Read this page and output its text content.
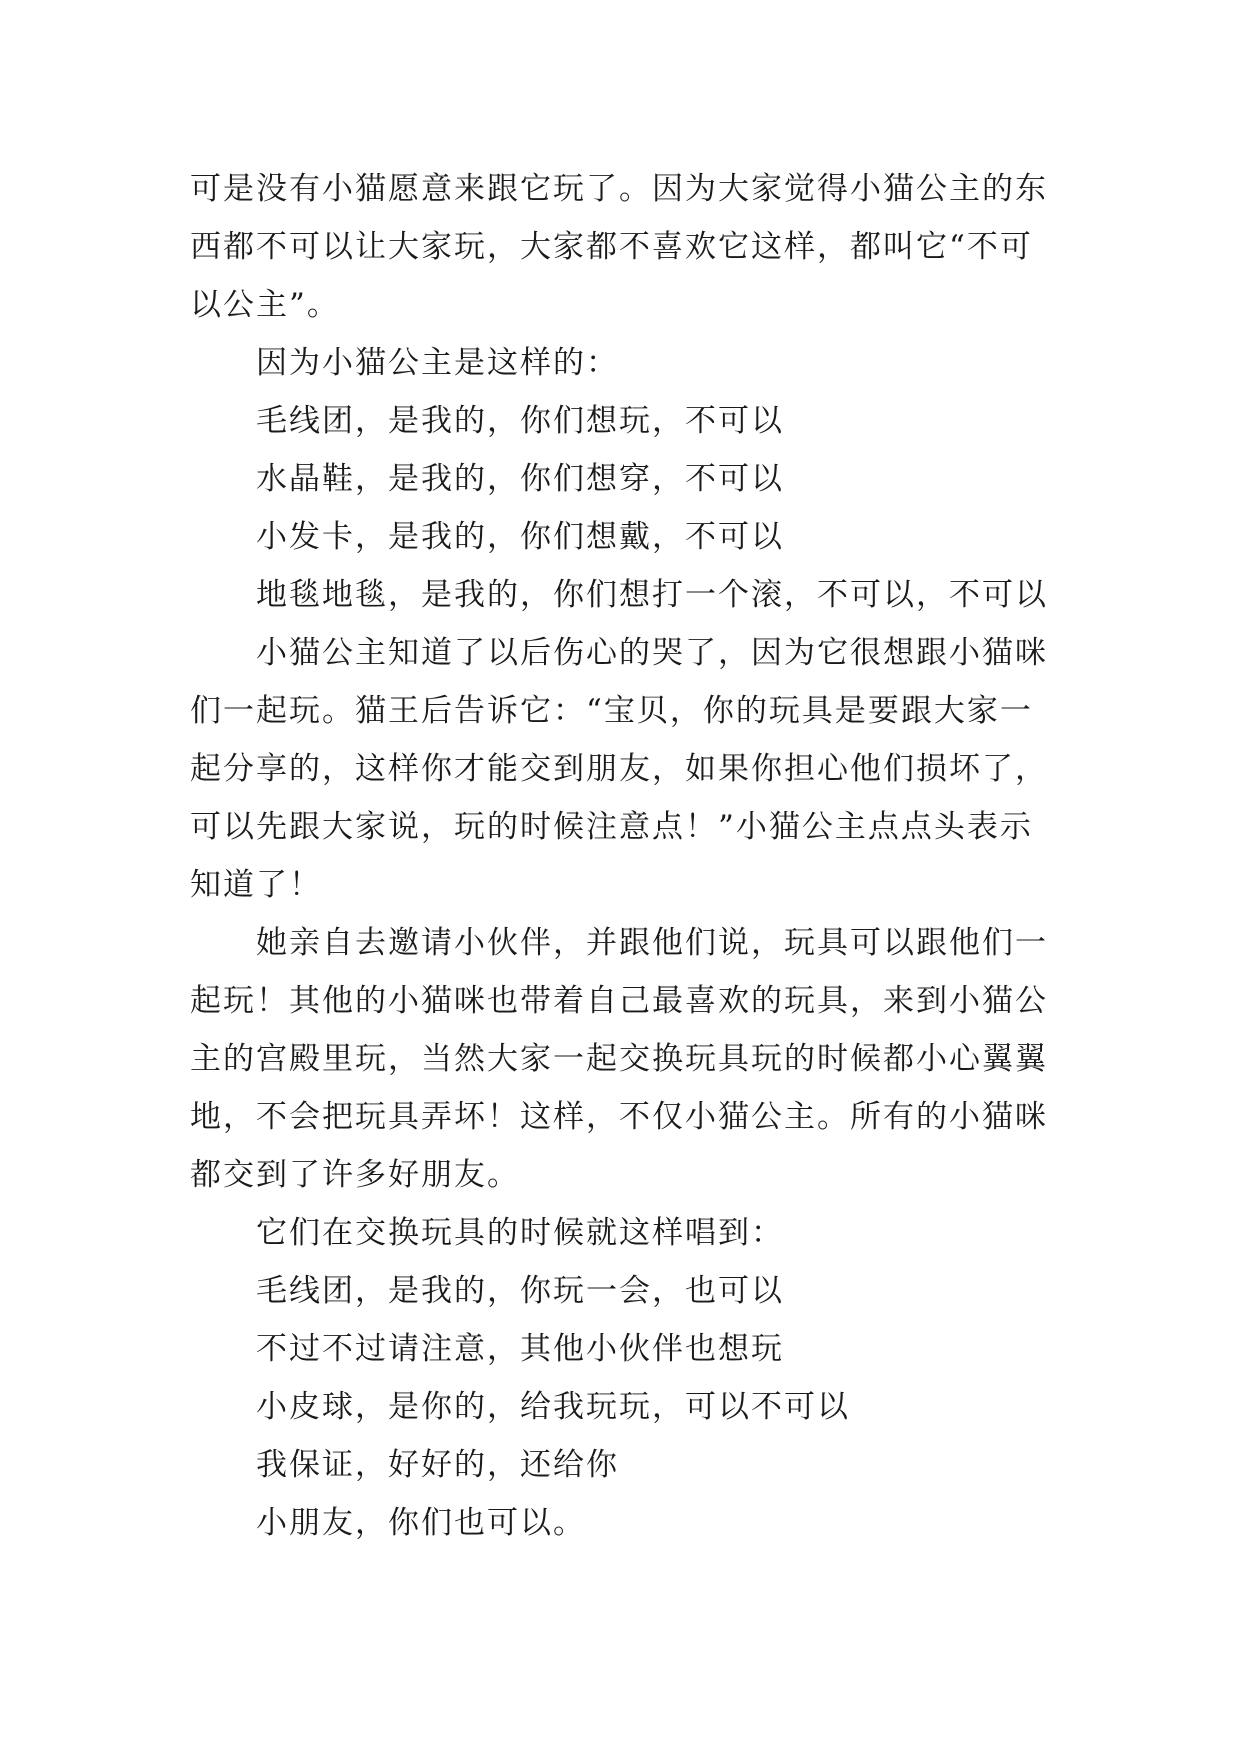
可是没有小猫愿意来跟它玩了。因为大家觉得小猫公主的东
西都不可以让大家玩，大家都不喜欢它这样，都叫它“不可
以公主”。
因为小猫公主是这样的：
毛线团，是我的，你们想玩，不可以
水晶鞋，是我的，你们想穿，不可以
小发卡，是我的，你们想戴，不可以
地毯地毯，是我的，你们想打一个滚，不可以，不可以
小猫公主知道了以后伤心的哭了，因为它很想跟小猫咪
们一起玩。猫王后告诉它：“宝贝，你的玩具是要跟大家一
起分享的，这样你才能交到朋友，如果你担心他们损坏了，
可以先跟大家说，玩的时候注意点！”小猫公主点点头表示
知道了！
她亲自去邀请小伙伴，并跟他们说，玩具可以跟他们一
起玩！其他的小猫咪也带着自己最喜欢的玩具，来到小猫公
主的宫殿里玩，当然大家一起交换玩具玩的时候都小心翼翼
地，不会把玩具弄坏！这样，不仅小猫公主。所有的小猫咪
都交到了许多好朋友。
它们在交换玩具的时候就这样唱到：
毛线团，是我的，你玩一会，也可以
不过不过请注意，其他小伙伴也想玩
小皮球，是你的，给我玩玩，可以不可以
我保证，好好的，还给你
小朋友，你们也可以。
